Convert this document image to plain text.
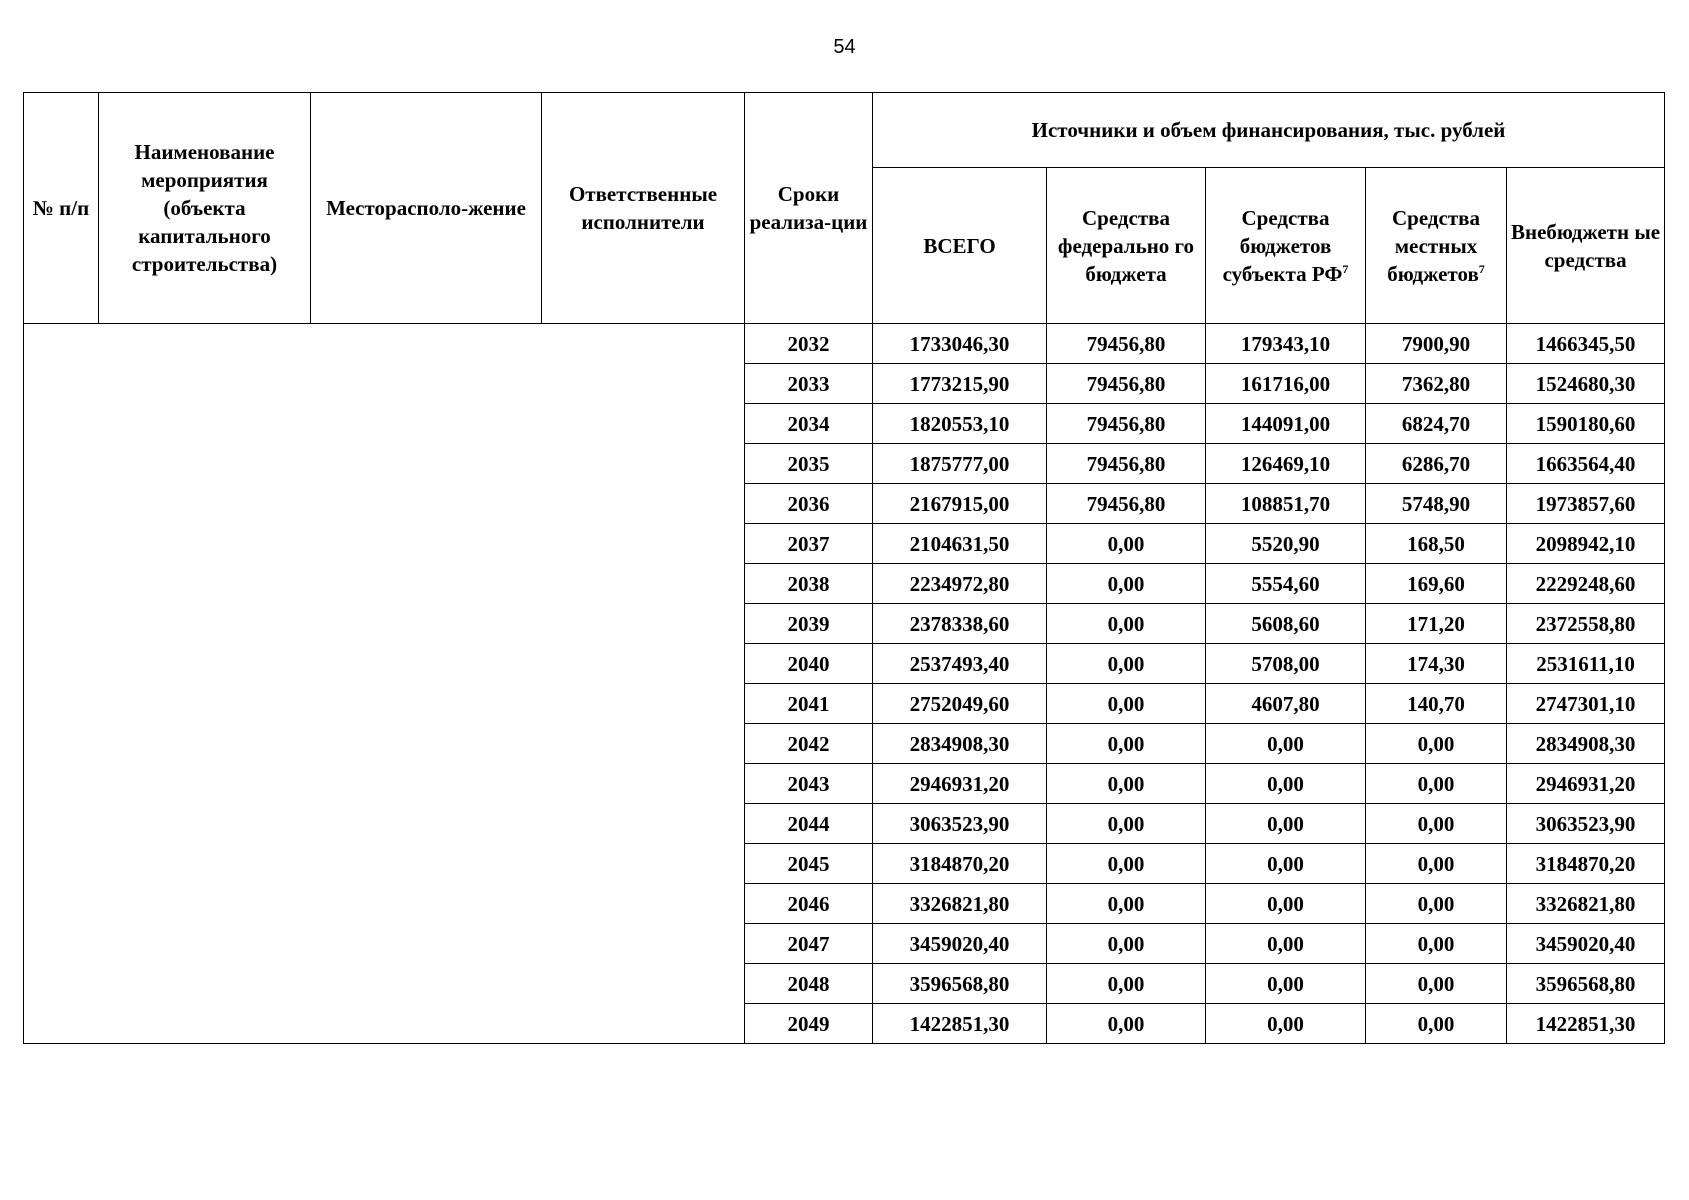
54
№ п/п	Наименование мероприятия (объекта капитального строительства)	Месторасполо-жение	Ответственные исполнители	Сроки реализа-ции	Источники и объем финансирования, тыс. рублей				
					ВСЕГО	Средства федерально го бюджета	Средства бюджетов субъекта $РФ^7$	Средства местных бюджетов$^7$	Внебюджетн ые средства
				2032	1733046,30	79456,80	179343,10	7900,90	1466345,50
				2033	1773215,90	79456,80	161716,00	7362,80	1524680,30
				2034	1820553,10	79456,80	144091,00	6824,70	1590180,60
				2035	1875777,00	79456,80	126469,10	6286,70	1663564,40
				2036	2167915,00	79456,80	108851,70	5748,90	1973857,60
				2037	2104631,50	0,00	5520,90	168,50	2098942,10
				2038	2234972,80	0,00	5554,60	169,60	2229248,60
				2039	2378338,60	0,00	5608,60	171,20	2372558,80
				2040	2537493,40	0,00	5708,00	174,30	2531611,10
				2041	2752049,60	0,00	4607,80	140,70	2747301,10
				2042	2834908,30	0,00	0,00	0,00	2834908,30
				2043	2946931,20	0,00	0,00	0,00	2946931,20
				2044	3063523,90	0,00	0,00	0,00	3063523,90
				2045	3184870,20	0,00	0,00	0,00	3184870,20
				2046	3326821,80	0,00	0,00	0,00	3326821,80
				2047	3459020,40	0,00	0,00	0,00	3459020,40
				2048	3596568,80	0,00	0,00	0,00	3596568,80
				2049	1422851,30	0,00	0,00	0,00	1422851,30
